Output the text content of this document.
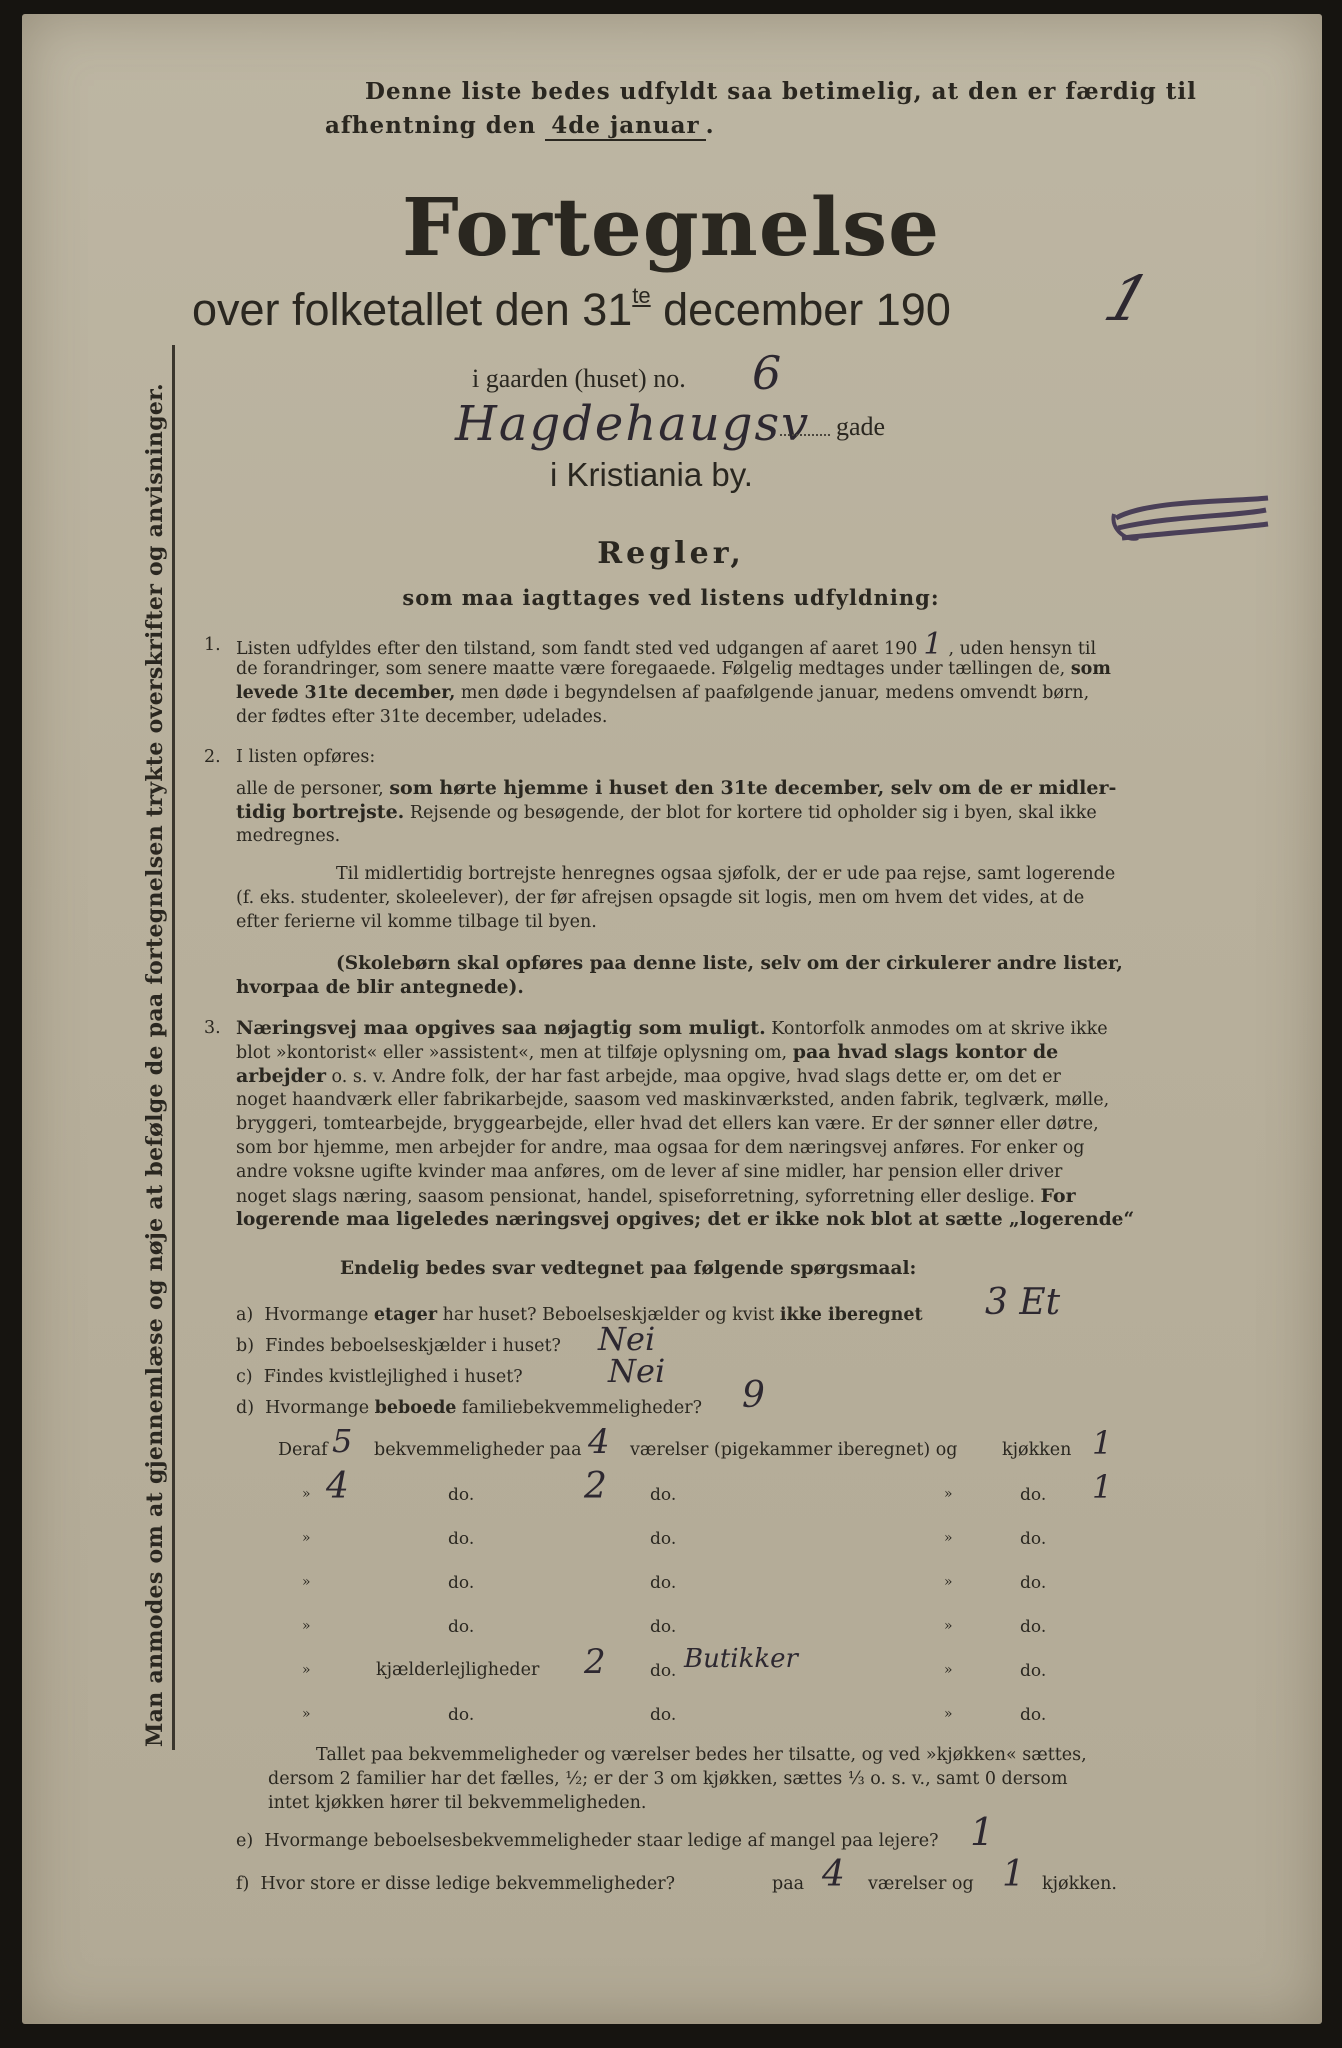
Man anmodes om at gjennemlæse og nøje at befølge de paa fortegnelsen trykte overskrifter og anvisninger.
Denne liste bedes udfyldt saa betimelig, at den er færdig til
afhentning den 4de januar .
Fortegnelse
over folketallet den $31^{te}$ december 190 1
i gaarden (huset) no. 6
Hagdehaugsv gade
i Kristiania by.
Regler,
som maa iagttages ved listens udfyldning:
1. Listen udfyldes efter den tilstand, som fandt sted ved udgangen af aaret 190 1 , uden hensyn til
de forandringer, som senere maatte være foregaaede. Følgelig medtages under tællingen de, som
levede 31te december, men døde i begyndelsen af paafølgende januar, medens omvendt børn,
der fødtes efter 31te december, udelades.
2. I listen opføres:
alle de personer, som hørte hjemme i huset den 31te december, selv om de er midler-
tidig bortrejste. Rejsende og besøgende, der blot for kortere tid opholder sig i byen, skal ikke
medregnes.
Til midlertidig bortrejste henregnes ogsaa sjøfolk, der er ude paa rejse, samt logerende
(f. eks. studenter, skoleelever), der før afrejsen opsagde sit logis, men om hvem det vides, at de
efter ferierne vil komme tilbage til byen.
(Skolebørn skal opføres paa denne liste, selv om der cirkulerer andre lister,
hvorpaa de blir antegnede).
3. Næringsvej maa opgives saa nøjagtig som muligt. Kontorfolk anmodes om at skrive ikke
blot »kontorist« eller »assistent«, men at tilføje oplysning om, paa hvad slags kontor de
arbejder o. s. v. Andre folk, der har fast arbejde, maa opgive, hvad slags dette er, om det er
noget haandværk eller fabrikarbejde, saasom ved maskinværksted, anden fabrik, teglværk, mølle,
bryggeri, tomtearbejde, bryggearbejde, eller hvad det ellers kan være. Er der sønner eller døtre,
som bor hjemme, men arbejder for andre, maa ogsaa for dem næringsvej anføres. For enker og
andre voksne ugifte kvinder maa anføres, om de lever af sine midler, har pension eller driver
noget slags næring, saasom pensionat, handel, spiseforretning, syforretning eller deslige. For
logerende maa ligeledes næringsvej opgives; det er ikke nok blot at sætte „logerende“
Endelig bedes svar vedtegnet paa følgende spørgsmaal:
a) Hvormange etager har huset? Beboelseskjælder og kvist ikke iberegnet 3 Et
b) Findes beboelseskjælder i huset? Nei
c) Findes kvistlejlighed i huset?	Nei
d) Hvormange beboede familiebekvemmeligheder? 9
Deraf 5 bekvemmeligheder paa 4 værelser (pigekammer iberegnet) og	kjøkken 1
» 4	do.	2	do.	»	do. 1
»	do.	do.	»	do.
»	do.	do.	»	do.
»	do.	do.	»	do.
»	kjælderlejligheder 2	do. Butikker	»	do.
»	do.	do.	»	do.
Tallet paa bekvemmeligheder og værelser bedes her tilsatte, og ved »kjøkken« sættes,
dersom 2 familier har det fælles, ½; er der 3 om kjøkken, sættes ⅓ o. s. v., samt 0 dersom
intet kjøkken hører til bekvemmeligheden.
e) Hvormange beboelsesbekvemmeligheder staar ledige af mangel paa lejere? 1
f) Hvor store er disse ledige bekvemmeligheder?	paa 4 værelser og 1 kjøkken.
